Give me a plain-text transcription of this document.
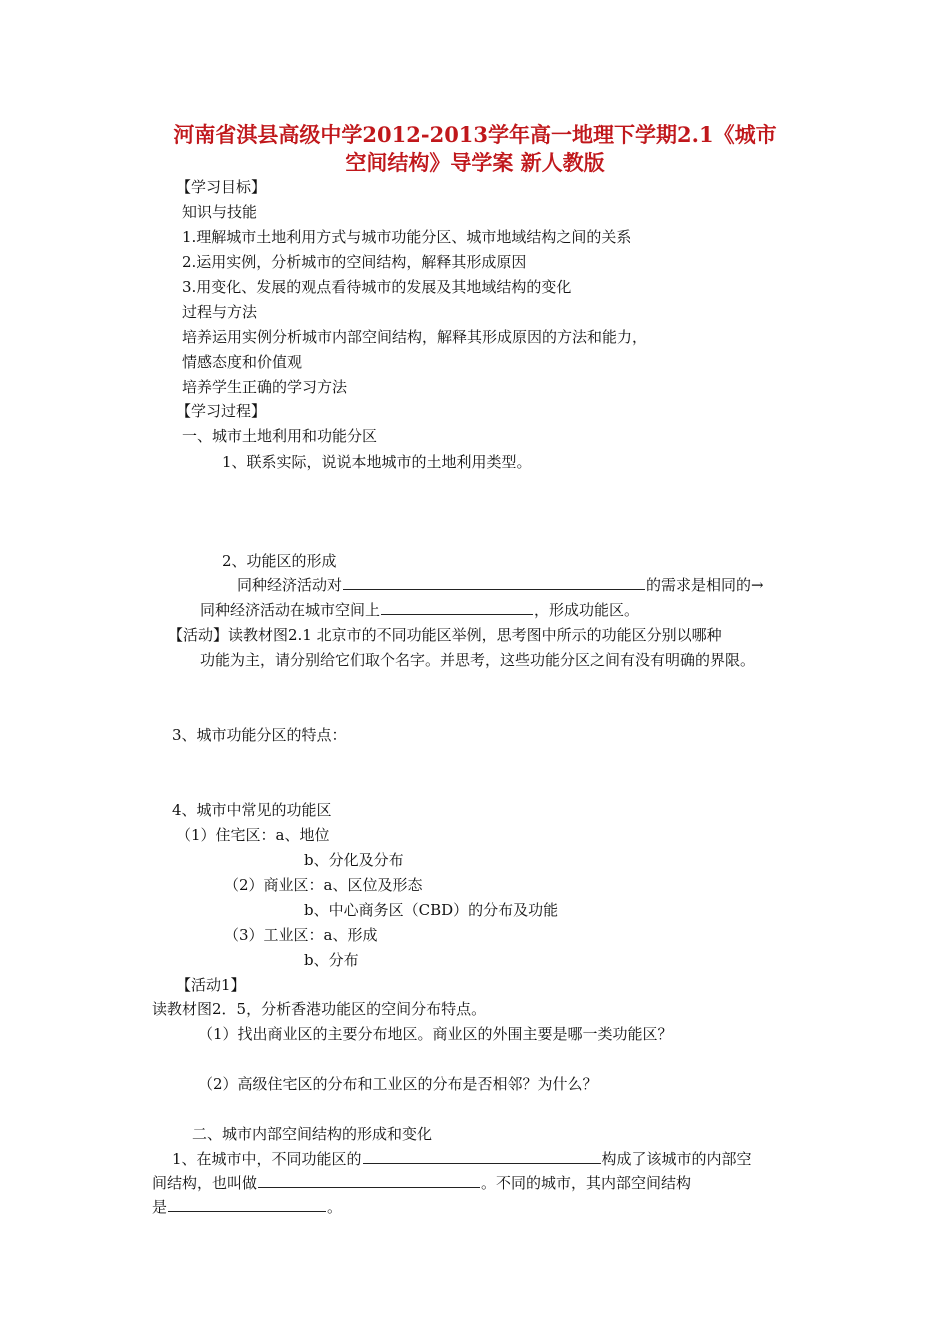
河南省淇县高级中学2012-2013学年高一地理下学期2.1《城市
空间结构》导学案 新人教版
【学习目标】
知识与技能
1.理解城市土地利用方式与城市功能分区、城市地域结构之间的关系
2.运用实例，分析城市的空间结构，解释其形成原因
3.用变化、发展的观点看待城市的发展及其地域结构的变化
过程与方法
培养运用实例分析城市内部空间结构，解释其形成原因的方法和能力，
情感态度和价值观
培养学生正确的学习方法
【学习过程】
一、城市土地利用和功能分区
1、联系实际，说说本地城市的土地利用类型。
2、功能区的形成
同种经济活动对	的需求是相同的→
同种经济活动在城市空间上	，形成功能区。
【活动】读教材图2.1 北京市的不同功能区举例，思考图中所示的功能区分别以哪种
功能为主，请分别给它们取个名字。并思考，这些功能分区之间有没有明确的界限。
3、城市功能分区的特点：
4、城市中常见的功能区
（1）住宅区：a、地位
b、分化及分布
（2）商业区：a、区位及形态
b、中心商务区（CBD）的分布及功能
（3）工业区：a、形成
b、分布
【活动1】
读教材图2．5，分析香港功能区的空间分布特点。
（1）找出商业区的主要分布地区。商业区的外围主要是哪一类功能区？
（2）高级住宅区的分布和工业区的分布是否相邻？为什么？
二、城市内部空间结构的形成和变化
1、在城市中，不同功能区的	构成了该城市的内部空
间结构，也叫做	。不同的城市，其内部空间结构
是	。
